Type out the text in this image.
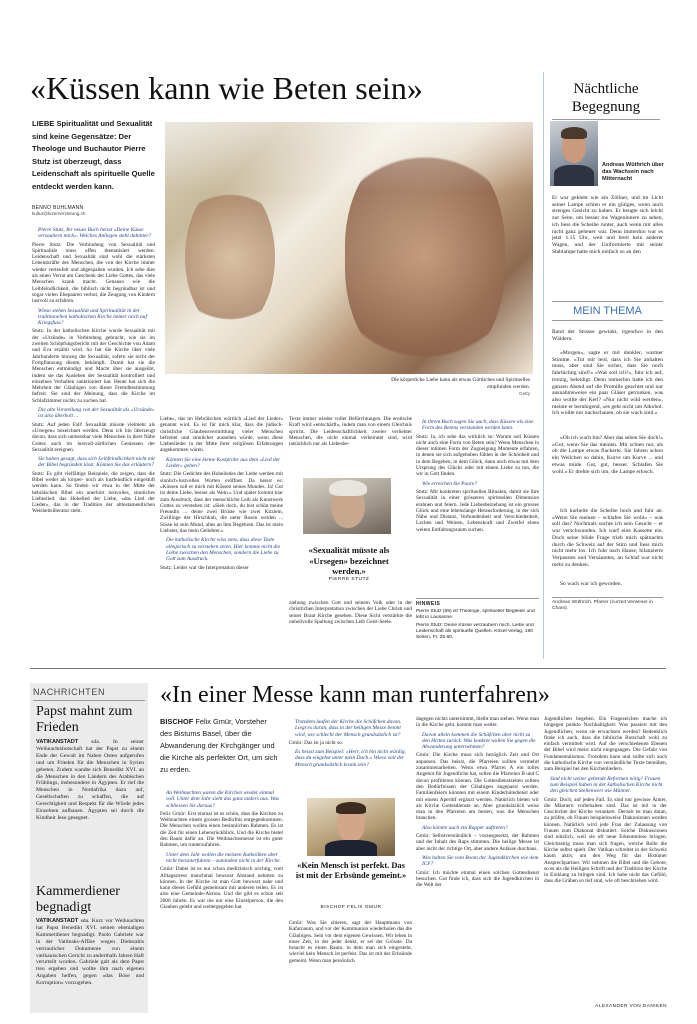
«Küssen kann wie Beten sein»
LIEBE Spiritualität und Sexualität sind keine Gegensätze: Der Theologe und Buchautor Pierre Stutz ist überzeugt, dass Leidenschaft als spirituelle Quelle entdeckt werden kann.
BENNO BÜHLMANN
kultur@luzernerzeitung.ch
Die körperliche Liebe kann als etwas Göttliches und Spirituelles empfunden werden.
Getty
Pierre Stutz, Ihr neues Buch heisst «Deine Küsse verzaubern mich». Welches Anliegen steht dahinter?
Pierre Stutz: Die Verbindung von Sexualität und Spiritualität muss offen thematisiert werden: Leidenschaft und Sexualität sind wohl die stärksten Lebenskräfte des Menschen, die von der Kirche immer wieder verteufelt und abgespalten wurden. Ich sehe dies als einen Verrat am Geschenk der Liebe Gottes, das viele Menschen krank macht. Genauso wie die Leibfeindlichkeit, die biblisch nicht begründbar ist und sogar vielen Ehepaaren verbot, die Zeugung von Kindern lustvoll zu erfahren.
Wieso stehen Sexualität und Spiritualität in der traditionellen katholischen Kirche immer noch auf Kriegsfuss?
Stutz: In der katholischen Kirche wurde Sexualität mit der «Ursünde» in Verbindung gebracht, wie sie im zweiten Schöpfungsbericht mit der Geschichte von Adam und Eva erzählt wird. So hat die Kirche über viele Jahrhunderte hinweg die Sexualität, sofern sie nicht der Fortpflanzung diente, bekämpft. Damit hat sie die Menschen entmündigt und Macht über sie ausgeübt, indem sie das Ausleben der Sexualität kontrolliert und einzelnes Verhalten sanktioniert hat. Heute hat sich die Mehrheit der Gläubigen von dieser Fremdbestimmung befreit. Sie sind der Meinung, dass die Kirche im Schlafzimmer nichts zu suchen hat.
Die alte Vorstellung von der Sexualität als «Ursünde» ist also überholt ...
Stutz: Auf jeden Fall! Sexualität müsste vielmehr als «Ursegen» bezeichnet werden. Denn ich bin überzeugt davon, dass sich unmessbar viele Menschen in ihrer Nähe Gottes auch im lustvoll-zärtlichen Geniessen der Sexualität ereignen.
Sie haben gesagt, dass sich Leibfeindlichkeit nicht mit der Bibel begründen lässt. Können Sie das erläutern?
Stutz: Es gibt vielfältige Beispiele, die zeigen, dass die Bibel weder als körper- noch als lustfeindlich eingestuft werden kann. So finden wir etwa in der Mitte der hebräischen Bibel ein unerhört lustvolles, sinnliches Liebeslied: das Hohelied der Liebe, «das Lied der Lieder», das in der Tradition der alttestamentlichen Weisheitsliteratur steht.
Liebe», das im Hebräischen wörtlich «Lied der Lieder» genannt wird. Es ist für mich klar, dass die jüdisch-christliche Glaubensvermittlung vieler Menschen befreiter und sinnlicher aussehen würde, wenn diese Liebeslieder in der Mitte ihrer religiösen Erfahrungen angekommen wären.
Können Sie eine kleine Kostprobe aus dem «Lied der Lieder» geben?
Stutz: Die Gedichte des Hoheliedes der Liebe werden mit sinnlich-lustvollen Worten eröffnet. Da heisst es: «Küssen soll er mich mit Küssen seines Mundes. Ja! Gut ist deine Liebe, besser als Wein.» Und später kommt klar zum Ausdruck, dass der menschliche Leib als Kunstwerk Gottes zu verstehen ist: «Sieh doch, du bist schön meine Freundin ... deine zwei Brüste wie zwei Kitzlein, Zwillinge der Hirschkuh, die unter Rosen weiden ... Süsse ist sein Mund, alles an ihm Begehren. Das ist mein Liebster, das mein Geliebter.»
Die katholische Kirche wiss stets, dass diese Texte allegorisch zu verstehen seien. Hier komme nicht die Liebe zwischen den Menschen, sondern die Liebe zu Gott zum Ausdruck.
Stutz: Leider war die Interpretation dieser
Texte immer wieder voller Befürchtungen. Die erotische Kraft wird «entschärft», indem man von einem Gleichnis spricht. Die Leidenschaftlichkeit zweier verliebter Menschen, die nicht einmal verheiratet sind, wird tatsächlich nur als Liebesbe-
«Sexualität müsste als «Ursegen» bezeichnet werden.»
PIERRE STUTZ
ziehung zwischen Gott und seinem Volk oder in der christlichen Interpretation zwischen der Liebe Christi und seiner Braut Kirche gesehen. Diese Sicht verstärkte die unheilvolle Spaltung zwischen Leib Geist-Seele.
In threm Buch sagen Sie auch, dass Küssen als eine Form des Betens verstanden werden kann.
Stutz: Ja, ich sehe das wirklich so: Warum soll Küssen nicht auch eine Form von Beten sein? Wenn Menschen in dieser intimen Form der Zugneigung Momente erfahren, in denen sie sich aufgehoben fühlen in der Schönheit und in dem Begehen, in dem Glück, dann auch etwas mit dem Ursprung des Glücks oder mit einem Liebe zu tun, die wir in Gott finden.
Wie erreichen Sie Paare?
Stutz: Mit konkreten spirituellen Ritualen, damit sie ihre Sexualität in einer grösseren spirituellen Dimension erahnen und feiern. Jede Liebesbeziehung ist ein grosses Glück und eine lebenslange Herausforderung, in der sich Nähe und Distanz, Verbundenheit und Verschiedenheit, Lachen und Weinen, Lebenskraft und Zweifel einen weiten Entfaltungsraum suchen.
HINWEIS
Pierre Stutz (59) ist Theologe, spiritueller Begleiter und lebt in Lausanne.
Pierre Stutz: Deine Küsse verzaubern mich. Liebe und Leidenschaft als spirituelle Quellen. Kösel-Verlag, 190 Seiten, Fr. 25.60.
Nächtliche Begegnung
Andreas Wüthrich über das Wachsein nach Mitternacht
Er war geklebt wie ein Zöllner, und im Licht seiner Lampe schien er ein gütiges, wenn auch strenges Gesicht zu haben. Er beugte sich leicht zur Seite, um besser ins Wageninnere zu sehen, ich liess die Scheibe runter, auch wenn mir alles nicht ganz geheuer war. Denn immerhin war es jetzt 1.15 Uhr, weit und breit kein anderer Wagen, und der Uniformierte mit seiner Stablampe hatte mich einfach so an den
MEIN THEMA
Rand der Strasse gewinkt, irgendwo in den Wäldern.
«Morgen», sagte er mit dunkler, warmer Stimme. «Tut mir leid, dass ich Sie anhalten muss, aber sind Sie sicher, dass Sie noch fahrtüchtig sind?» «Was soll ich?», fuhr ich auf, trotzig, beleidigt. Denn immerhin hatte ich den ganzen Abend auf die Promille geachtet und nur ausnahmsweise ein paar Gläser getrunken, was also wollte der Kerl? «Nur nicht wild werden», meinte er beruhigend, «es geht nicht um Alkohol. Ich wollte nur nachschauen, ob sie wach sind.»
«Oh ich wach bin? Aber das sehen Sie doch!» «Gut, wenn Sie das meinen. Mir schien nur, als ob die Lampe etwas flackerte. Sie fahren schon ein Weilchen so dahin, Kurve um Kurve ... und etwas müde. Gut, gut, besser. Schlafen Sie wohl.» Er drehte sich um, die Lampe erlosch.
Ich kurbelte die Scheibe hoch und fuhr an. «Wenn Sie meinen – schlafen Sie wohl» – was soll das? Nochmals suchte ich sein Gesicht – er war verschwunden. Ich warf eine Kassette ein. Doch seine blöde Frage trieb mich spätnachts durch die Schweiz auf der Stirn und liess mich nicht mehr los. Ich fuhr nach Hause, bilanzierte Verpasstes und Versäumtes, an Schlaf war nicht mehr zu denken.
So wach war ich geworden.
Andreas Wüthrich, Pfarrer (zurzeit Verweser in Cham).
NACHRICHTEN
Papst mahnt zum Frieden
VATIKANSTADT sda. In seiner Weihnachtsbotschaft hat der Papst zu einem Ende der Gewalt im Nahen Osten aufgerufen und um Frieden für die Menschen in Syrien gebeten. Zudem wandte sich Benedikt XVI. an die Menschen in den Ländern des Arabischen Frühlings, insbesondere in Ägypten. Er rief die Menschen in Nordafrika dazu auf, Gesellschaften zu schaffen, die auf Gerechtigkeit und Respekt für die Würde jedes Einzelnen aufbauen. Ägypten sei durch die Kindheit Jesu gesegnet.
Kammerdiener begnadigt
VATIKANSTADT sda. Kurz vor Weihnachten hat Papst Benedikt XVI. seinen ehemaligen Kammerdiener begnadigt. Paolo Gabriele war in der Vatileaks-Affäre wegen Diebstahls vertraulicher Dokumente von einem vatikanischen Gericht zu anderthalb Jahren Haft verurteilt worden. Gabriele galt als dem Papst treu ergeben und wollte ihm nach eigenen Angaben helfen, gegen «das Böse und Korruption» vorzugehen.
«In einer Messe kann man runterfahren»
BISCHOF Felix Gmür, Vorsteher des Bistums Basel, über die Abwanderung der Kirchgänger und die Kirche als perfekter Ort, um sich zu erden.
An Weihnachten waren die Kirchen wieder einmal voll. Unter dem Jahr sieht das ganz anders aus. Was schliessen Sie daraus?
Felix Gmür: Erst einmal ist es schön, dass die Kirchen zu Weihnachten einem grossen Bedürfnis entgegenkommen. Die Menschen wollen einen besinnlichen Rahmen. Es ist die Zeit für einen Lebensrückblick. Und die Kirche bietet den Raum dafür an. Die Weihnachtsmesse ist ein guter Rahmen, um runterzufahren.
Unter dem Jahr wollen die meisten Katholiken aber nicht herunterfahren – zumindest nicht in der Kirche.
Gmür: Dabei ist es nur schon medizinisch wichtig, vom Alltagsstress manchmal bewusst Abstand nehmen zu können. In der Kirche ist man Gott bewusst nahe und kann dieses Gefühl gemeinsam mit anderen teilen. Es ist also eine Gemeinde-Aktion. Und die gibt es schon seit 2000 Jahren. Es war nie nur eine Einzelperson, die den Glauben gelebt und weitergegeben hat.
Trotzdem laufen der Kirche die Schäfchen davon. Liegt es daran, dass in der heiligen Messe betont wird, wie schlecht der Mensch grundsätzlich ist?
Gmür: Das ist ja nicht so.
Es heisst zum Beispiel: «Herr, ich bin nicht würdig, dass du eingehst unter mein Dach.» Wieso soll der Mensch grundsätzlich krank sein?
«Kein Mensch ist perfekt. Das ist mit der Erbsünde gemeint.»
BISCHOF FELIX GMÜR
Gmür: Was Sie zitieren, sagt der Hauptmann von Kafarnaum, und vor der Kommunion wiederholen das die Gläubigen. Sein vor dem eigenen Gewissen. Wir leben in einer Zeit, in der jeder denkt, er sei der Grösste. Da braucht es einen Raum, in dem man sich eingesteht, wieviel kein Mensch ist perfekt. Das ist mit der Erbsünde gemeint. Wenn man persönlich
dagegen nichts unternimmt, bleibt man stehen. Wenn man in die Kirche geht, kommt man weiter.
Davon allein kommen die Schäfchen aber nicht zu den Hirten zurück. Was konkret wollen Sie gegen die Abwanderung unternehmen?
Gmür: Die Kirche muss sich bezüglich Zeit und Ort anpassen. Das heisst, die Pfarreien sollten vermehrt zusammenarbeiten. Wenn etwa Pfarrei A ein tolles Angebot für Jugendliche hat, sollen die Pfarreien B und C davon profitieren können. Die Gottesdienstzeiten sollten den Bedürfnissen der Gläubigen angepasst werden. Familienfeiern könnten mit einem Kinderhütedienst oder mit einem Aperitif ergänzt werden. Natürlich bieten wir als Kirche Gottesdienste an. Aber grundsätzlich weiss man in den Pfarreien am besten, was die Menschen brauchen.
Also könnte auch ein Rapper auftreten?
Gmür: Selbstverständlich – vorausgesetzt, der Rahmen und der Inhalt des Raps stimmen. Die heilige Messe ist aber nicht der richtige Ort, aber andere Anlässe durchaus.
Was halten Sie vom Boom der Jugendkirchen wie dem ICF?
Gmür: Ich möchte einmal einen solchen Gottesdienst besuchen. Gut finde ich, dass sich die Jugendkirchen in die Welt der
Jugendlichen begeben. Ein Fragezeichen mache ich hingegen punkto Nachhaltigkeit: Was passiert mit den Jugendlichen, wenn sie erwachsen werden? Bedenklich finde ich auch, dass die biblische Botschaft wohl zu einfach vermittelt wird. Auf die verschiedenen Ebenen der Bibel wird meist nicht eingegangen. Die Gefahr von Fundamentalismus. Trotzdem kann und sollte sich auch die katholische Kirche von verständliche Texte bemühen, zum Beispiel bei den Kirchenliedern.
Sind nicht weiter gehende Reformen nötig? Frauen zum Beispiel haben in der katholischen Kirche nicht den gleichen Stellenwert wie Männer.
Gmür: Doch, auf jeden Fall. Es sind nur gewisse Ämter, die Männern vorbehalten sind. Das ist teil in der Geschichte der Kirche verankert. Derzeit ist man daran, zu prüfen, ob Frauen beispielsweise Diakoninnen werden können. Natürlich wird jede Frau der Zulassung von Frauen zum Diakonat diskutiert. Solche Diskussionen sind nützlich, weil sie oft neue Erkenntnisse bringen. Gleichzeitig muss man sich fragen, welche Rolle die Kirche selbst spielt. Der Vatikan schreitet in der Schweiz kaum aktiv, um den Weg für das Bistümer Ansprechpartner. Wir nehmen die Bibel und die Gebote, so es als die Heiligen Schrift und der Tradition der Kirche in Einklang zu bringen sind. Ich habe nicht das Gefühl, dass die Gräben so tief sind, wie oft beschrieben wird.
ALEXANDER VON DÄNIKEN
